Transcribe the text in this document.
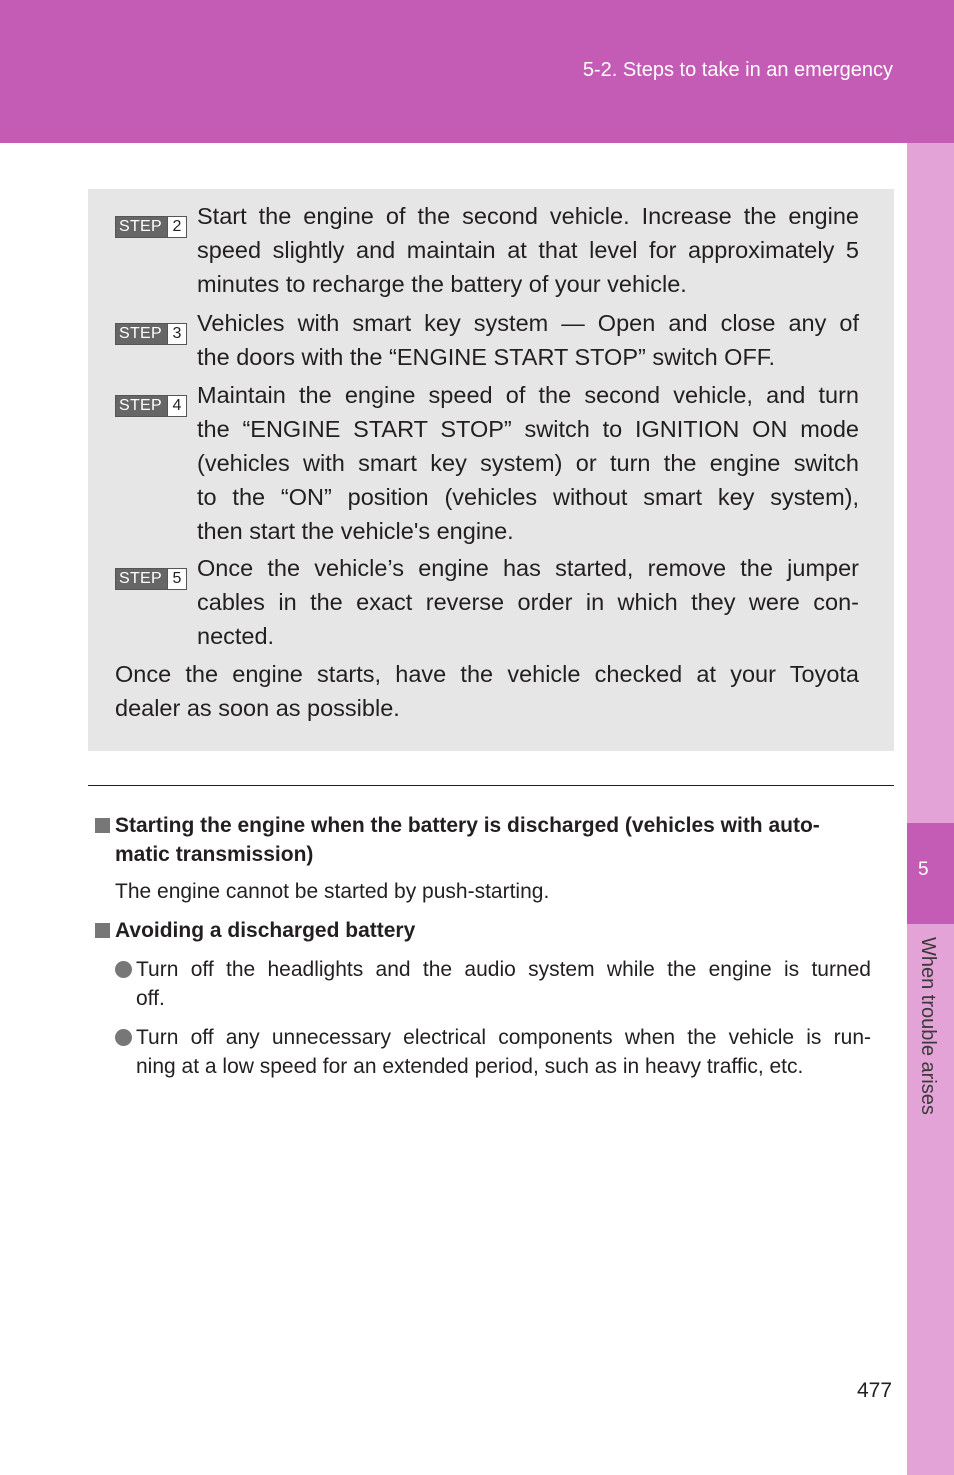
5-2. Steps to take in an emergency
5
When trouble arises
STEP 2 Start the engine of the second vehicle. Increase the engine

speed slightly and maintain at that level for approximately 5

minutes to recharge the battery of your vehicle.

STEP 3 Vehicles with smart key system — Open and close any of

the doors with the “ENGINE START STOP” switch OFF.

STEP 4 Maintain the engine speed of the second vehicle, and turn

the “ENGINE START STOP” switch to IGNITION ON mode

(vehicles with smart key system) or turn the engine switch

to the “ON” position (vehicles without smart key system),

then start the vehicle's engine.

STEP 5 Once the vehicle’s engine has started, remove the jumper

cables in the exact reverse order in which they were con-

nected.

Once the engine starts, have the vehicle checked at your Toyota

dealer as soon as possible.

Starting the engine when the battery is discharged (vehicles with auto-
matic transmission)
The engine cannot be started by push-starting.
Avoiding a discharged battery
Turn off the headlights and the audio system while the engine is turned
off.
Turn off any unnecessary electrical components when the vehicle is run-
ning at a low speed for an extended period, such as in heavy traffic, etc.
477
